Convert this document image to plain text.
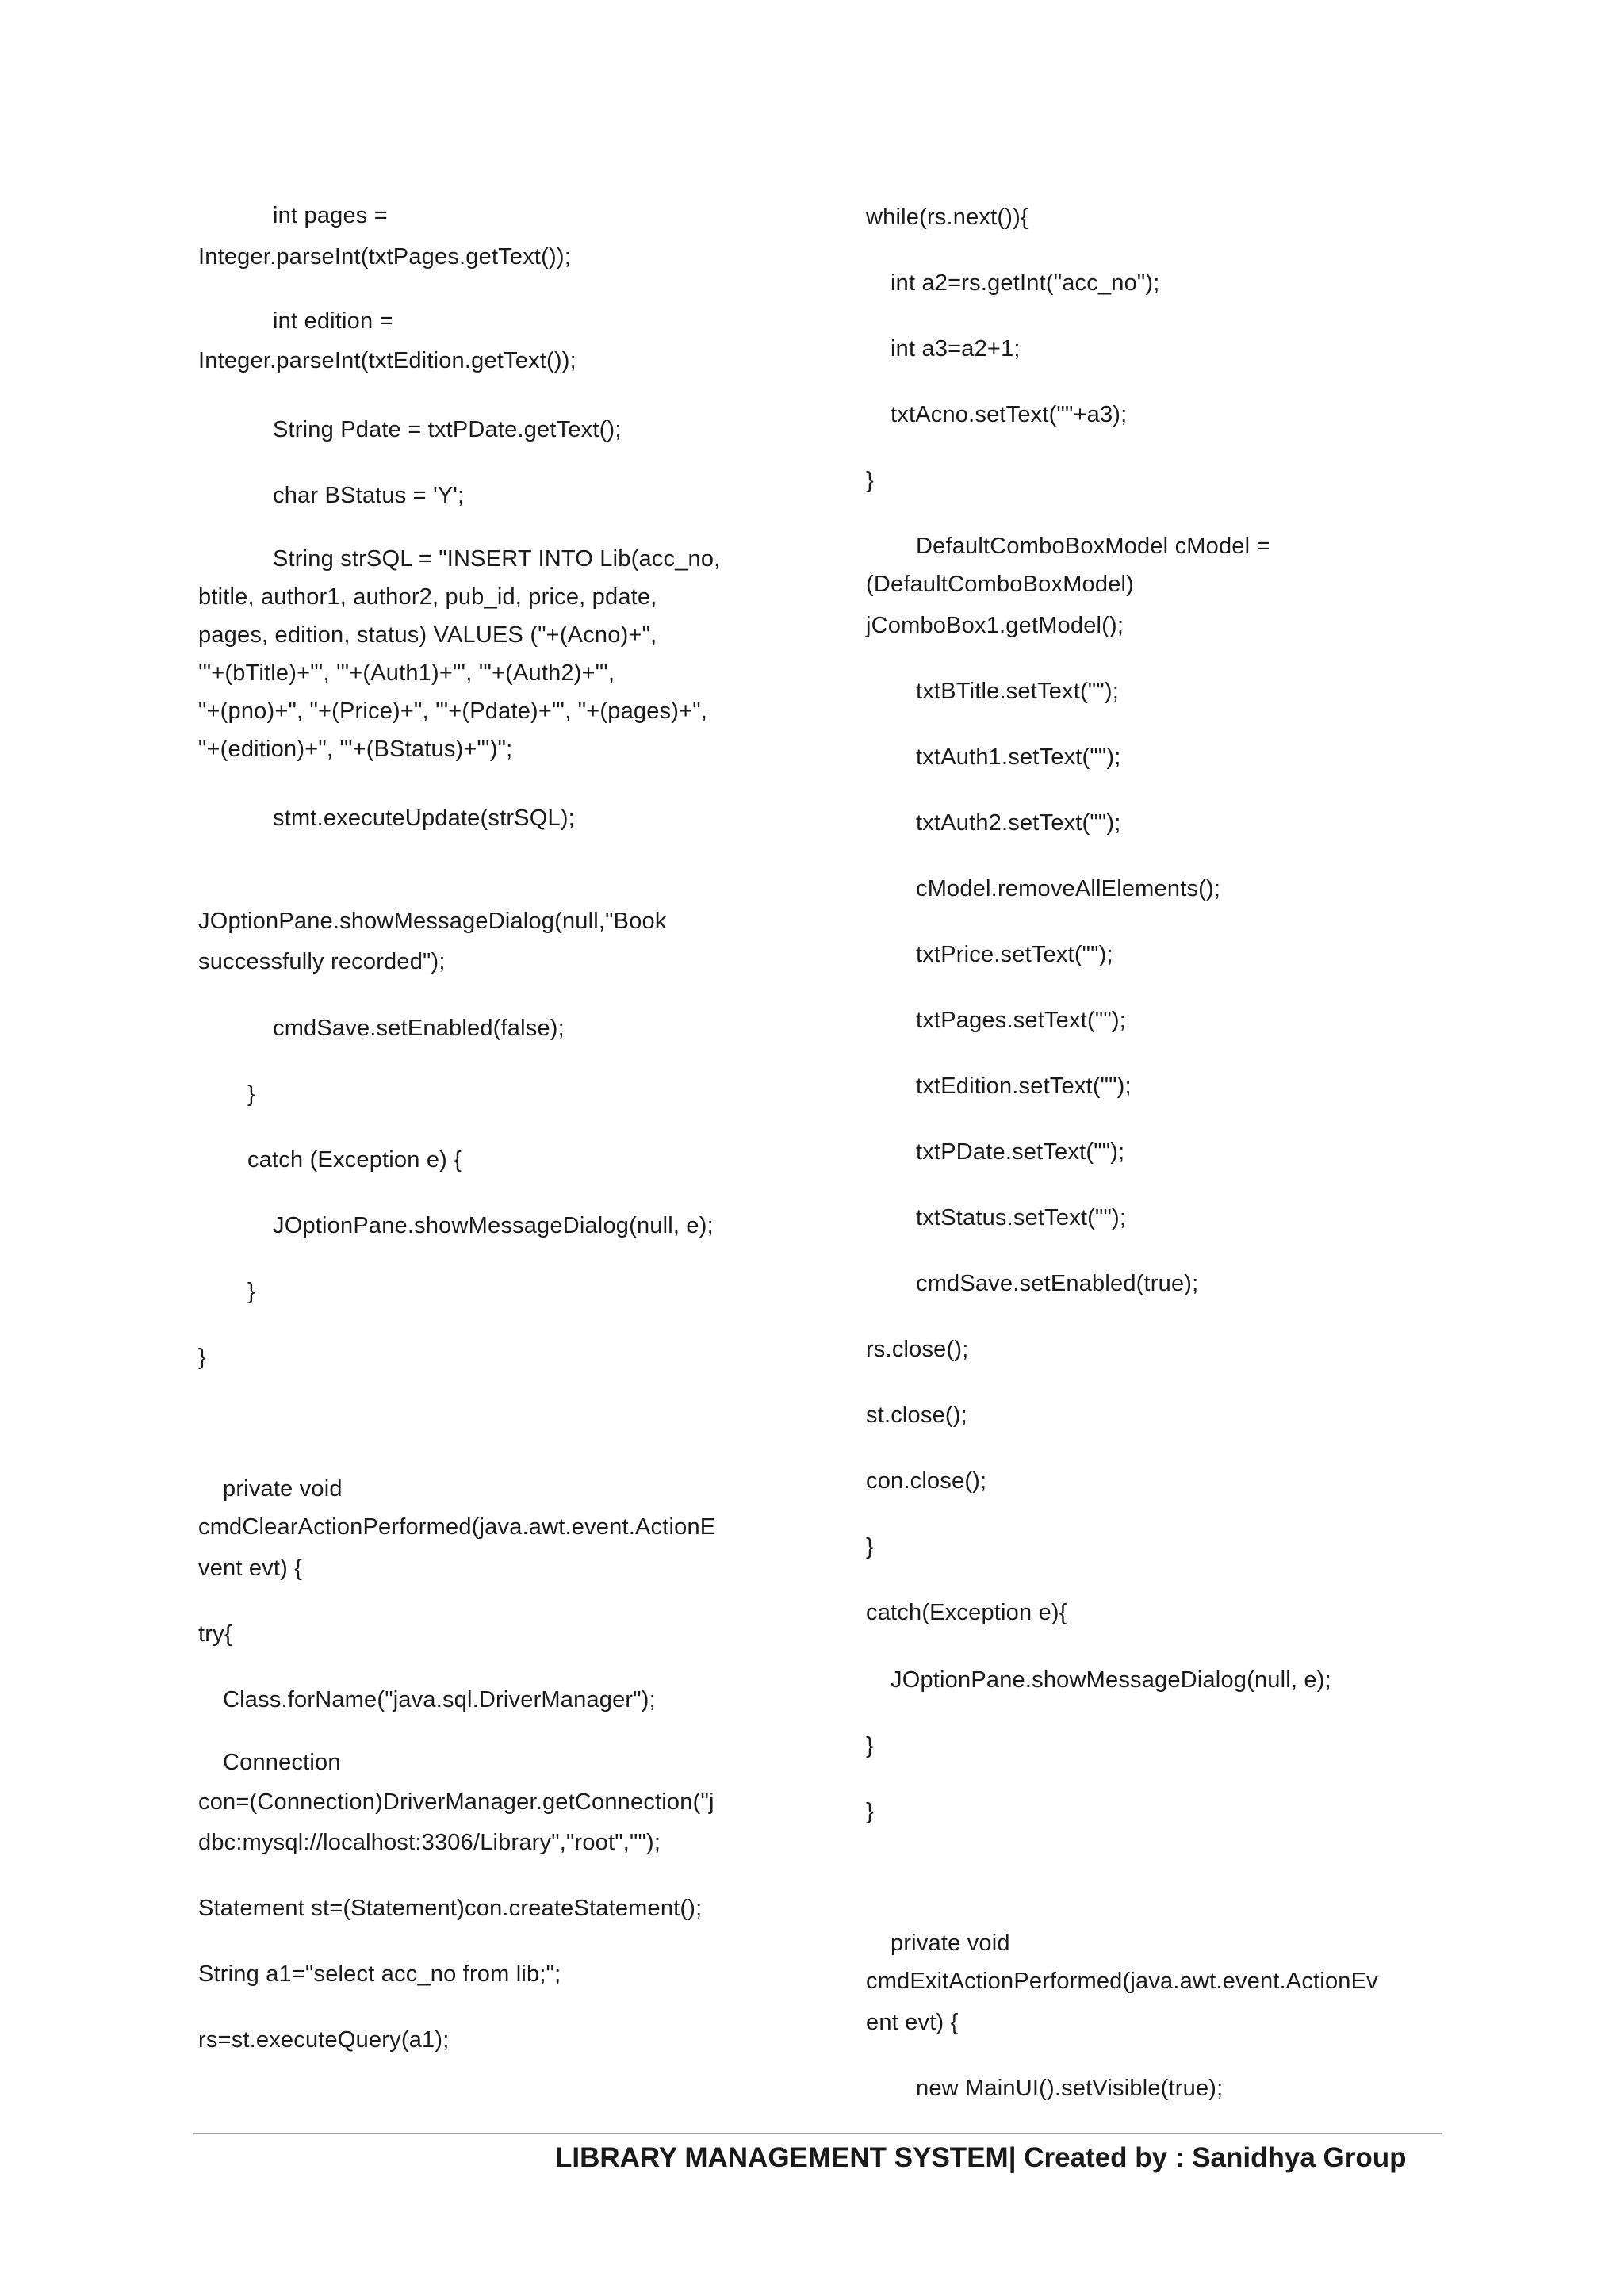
int pages =
Integer.parseInt(txtPages.getText());
int edition =
Integer.parseInt(txtEdition.getText());
String Pdate = txtPDate.getText();
char BStatus = 'Y';
String strSQL = "INSERT INTO Lib(acc_no,
btitle, author1, author2, pub_id, price, pdate,
pages, edition, status) VALUES ("+(Acno)+",
'"+(bTitle)+"', '"+(Auth1)+"', '"+(Auth2)+"',
"+(pno)+", "+(Price)+", '"+(Pdate)+"', "+(pages)+",
"+(edition)+", '"+(BStatus)+"')";
stmt.executeUpdate(strSQL);
JOptionPane.showMessageDialog(null,"Book
successfully recorded");
cmdSave.setEnabled(false);
}
catch (Exception e) {
JOptionPane.showMessageDialog(null, e);
}
}
private void
cmdClearActionPerformed(java.awt.event.ActionE
vent evt) {
try{
Class.forName("java.sql.DriverManager");
Connection
con=(Connection)DriverManager.getConnection("j
dbc:mysql://localhost:3306/Library","root","");
Statement st=(Statement)con.createStatement();
String a1="select acc_no from lib;";
rs=st.executeQuery(a1);
while(rs.next()){
int a2=rs.getInt("acc_no");
int a3=a2+1;
txtAcno.setText(""+a3);
}
DefaultComboBoxModel cModel =
(DefaultComboBoxModel)
jComboBox1.getModel();
txtBTitle.setText("");
txtAuth1.setText("");
txtAuth2.setText("");
cModel.removeAllElements();
txtPrice.setText("");
txtPages.setText("");
txtEdition.setText("");
txtPDate.setText("");
txtStatus.setText("");
cmdSave.setEnabled(true);
rs.close();
st.close();
con.close();
}
catch(Exception e){
JOptionPane.showMessageDialog(null, e);
}
}
private void
cmdExitActionPerformed(java.awt.event.ActionEv
ent evt) {
new MainUI().setVisible(true);
LIBRARY MANAGEMENT SYSTEM| Created by : Sanidhya Group
